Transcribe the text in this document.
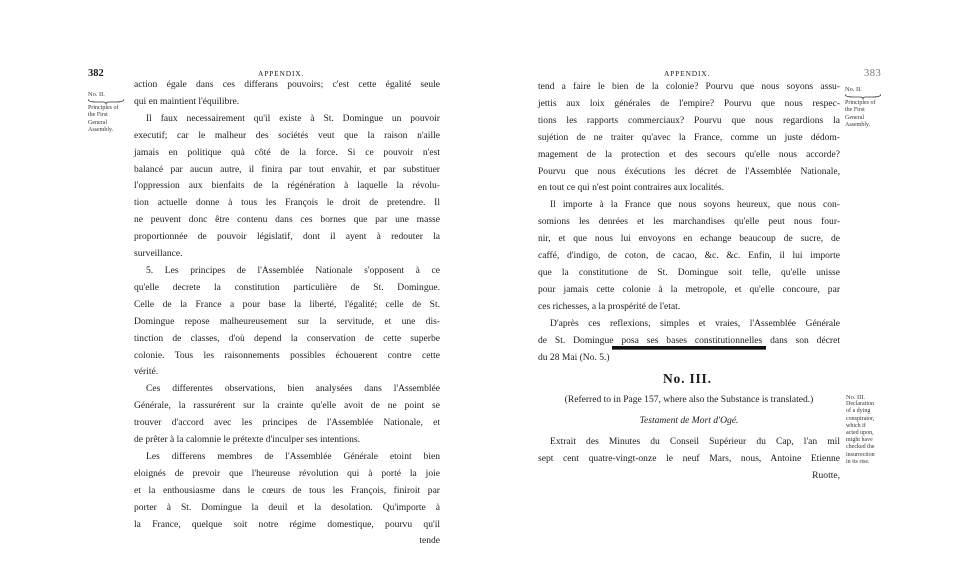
382	APPENDIX.
No. II.
Principles of
the First
General
Assembly.

action égale dans ces differans pouvoirs; c'est cette égalité seule
qui en maintient l'équilibre.

Il faux necessairement qu'il existe à St. Domingue un pouvoir
executif; car le malheur des sociétés veut que la raison n'aille
jamais en politique quà côté de la force. Si ce pouvoir n'est
balancé par aucun autre, il finira par tout envahir, et par substituer
l'oppression aux bienfaits de la régénération à laquelle la révolu-
tion actuelle donne à tous les François le droit de pretendre. Il
ne peuvent donc être contenu dans ces bornes que par une masse
proportionnée de pouvoir législatif, dont il ayent à redouter la
surveillance.

5. Les principes de l'Assemblée Nationale s'opposent à ce
qu'elle decrete la constitution particulière de St. Domingue.
Celle de la France a pour base la liberté, l'égalité; celle de St.
Domingue repose malheureusement sur la servitude, et une dis-
tinction de classes, d'où depend la conservation de cette superbe
colonie. Tous les raisonnements possibles échouerent contre cette
vérité.

Ces differentes observations, bien analysées dans l'Assemblée
Générale, la rassurérent sur la crainte qu'elle avoit de ne point se
trouver d'accord avec les principes de l'Assemblée Nationale, et
de prêter à la calomnie le prétexte d'inculper ses intentions.

Les differens membres de l'Assemblée Générale etoint bien
eloignés de prevoir que l'heureuse révolution qui à porté la joie
et la enthousiasme dans le cœurs de tous les François, finiroit par
porter à St. Domingue la deuil et la desolation. Qu'importe à
la France, quelque soit notre régime domestique, pourvu qu'il

tende
APPENDIX.	383
No. II.
Principles of
the First
General
Assembly.

tend a faire le bien de la colonie? Pourvu que nous soyons assu-
jettis aux loix générales de l'empire? Pourvu que nous respec-
tions les rapports commerciaux? Pourvu que nous regardions la
sujétion de ne traiter qu'avec la France, comme un juste dédom-
magement de la protection et des secours qu'elle nous accorde?
Pourvu que nous éxécutions les décret de l'Assemblée Nationale,
en tout ce qui n'est point contraires aux localités.

Il importe à la France que nous soyons heureux, que nous con-
somions les denrées et les marchandises qu'elle peut nous four-
nir, et que nous lui envoyons en echange beaucoup de sucre, de
caffé, d'indigo, de coton, de cacao, &c. &c. Enfin, il lui importe
que la constitutione de St. Domingue soit telle, qu'elle unisse
pour jamais cette colonie à la metropole, et qu'elle concoure, par
ces richesses, a la prospérité de l'etat.

D'après ces reflexions, simples et vraies, l'Assemblée Générale
de St. Domingue posa ses bases constitutionnelles dans son décret
du 28 Mai (No. 5.)

No. III.
(Referred to in Page 157, where also the Substance is translated.)
Testament de Mort d'Ogé.
Extrait des Minutes du Conseil Supérieur du Cap, l'an mil
sept cent quatre-vingt-onze le neuf Mars, nous, Antoine Etienne
Ruotte,
No. III.
Declaration
of a dying
conspirator,
which if
acted upon,
might have
checked the
insurrection
in its rise.
